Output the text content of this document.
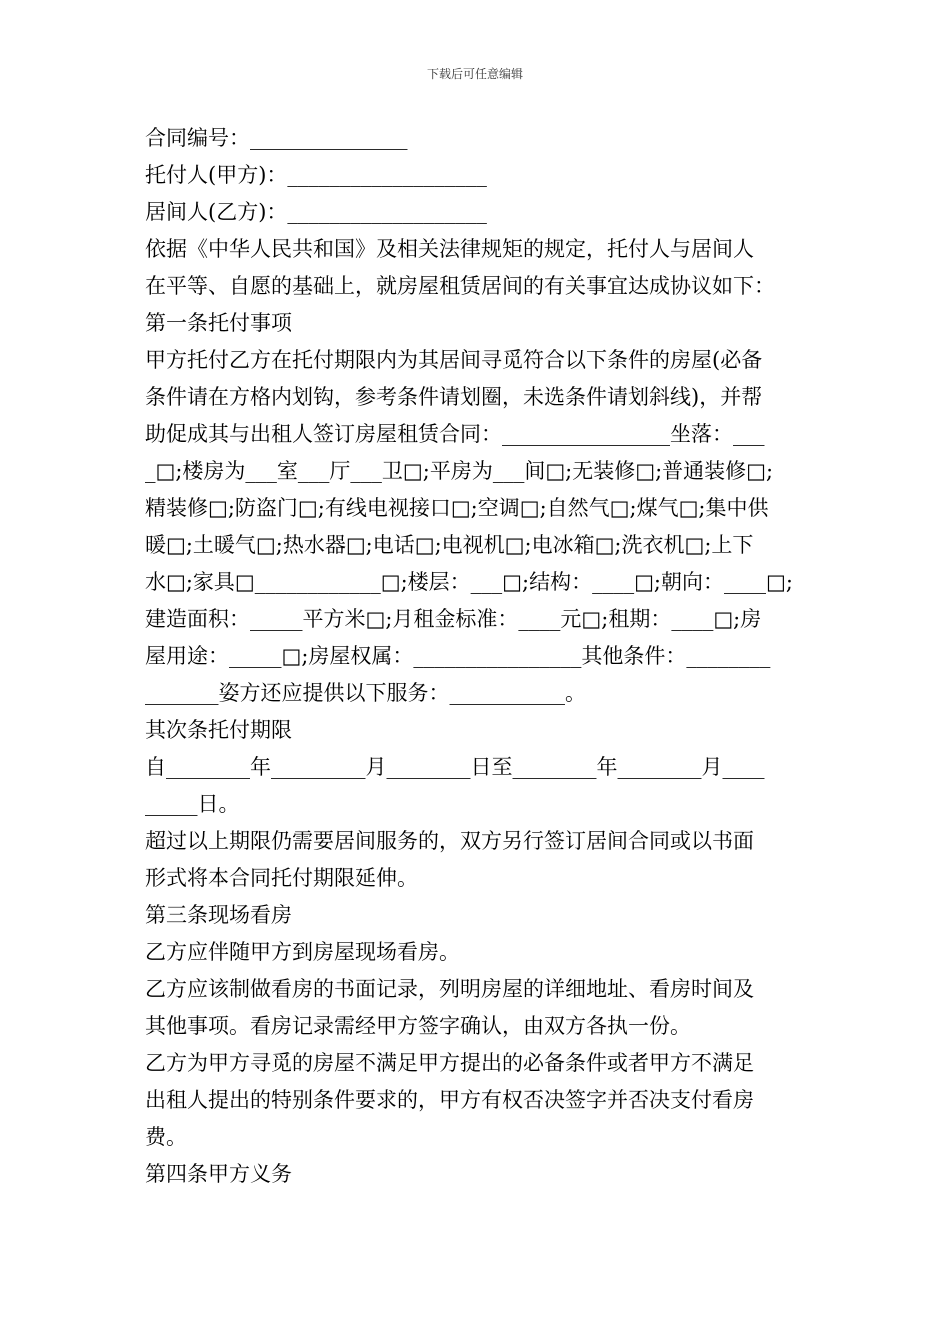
下载后可任意编辑
合同编号：_______________
托付人(甲方)：___________________
居间人(乙方)：___________________
依据《中华人民共和国》及相关法律规矩的规定，托付人与居间人
在平等、自愿的基础上，就房屋租赁居间的有关事宜达成协议如下：
第一条托付事项
甲方托付乙方在托付期限内为其居间寻觅符合以下条件的房屋(必备
条件请在方格内划钩，参考条件请划圈，未选条件请划斜线)，并帮
助促成其与出租人签订房屋租赁合同：________________坐落：___
_□;楼房为___室___厅___卫□;平房为___间□;无装修□;普通装修□;
精装修□;防盗门□;有线电视接口□;空调□;自然气□;煤气□;集中供
暖□;土暖气□;热水器□;电话□;电视机□;电冰箱□;洗衣机□;上下
水□;家具□____________□;楼层：___□;结构：____□;朝向：____□;
建造面积：_____平方米□;月租金标准：____元□;租期：____□;房
屋用途：_____□;房屋权属：________________其他条件：________
_______姿方还应提供以下服务：___________。
其次条托付期限
自________年_________月________日至________年________月____
_____日。
超过以上期限仍需要居间服务的，双方另行签订居间合同或以书面
形式将本合同托付期限延伸。
第三条现场看房
乙方应伴随甲方到房屋现场看房。
乙方应该制做看房的书面记录，列明房屋的详细地址、看房时间及
其他事项。看房记录需经甲方签字确认，由双方各执一份。
乙方为甲方寻觅的房屋不满足甲方提出的必备条件或者甲方不满足
出租人提出的特别条件要求的，甲方有权否决签字并否决支付看房
费。
第四条甲方义务
